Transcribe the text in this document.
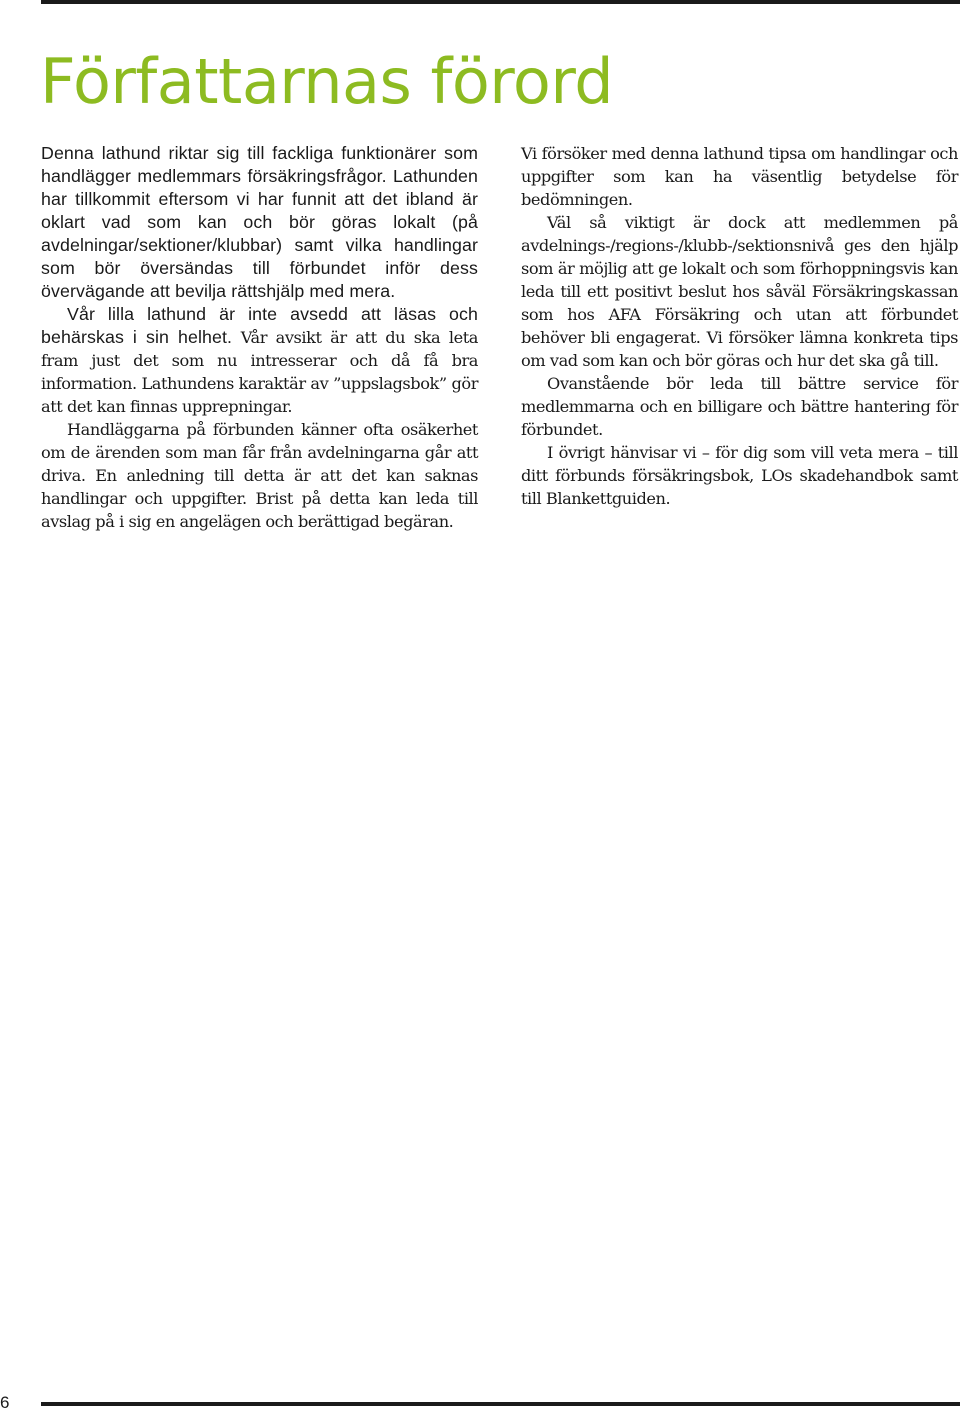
Författarnas förord

Denna lathund riktar sig till fackliga funktionärer som handlägger medlemmars försäkringsfrågor. Lathunden har tillkommit eftersom vi har funnit att det ibland är oklart vad som kan och bör göras lokalt (på avdelningar/sektioner/klubbar) samt vilka handlingar som bör översändas till förbundet inför dess övervägande att bevilja rättshjälp med mera.

Vår lilla lathund är inte avsedd att läsas och behärskas i sin helhet. Vår avsikt är att du ska leta fram just det som nu intresserar och då få bra information. Lathundens karaktär av ”uppslagsbok” gör att det kan finnas upprepningar.

Handläggarna på förbunden känner ofta osäkerhet om de ärenden som man får från avdelningarna går att driva. En anledning till detta är att det kan saknas handlingar och uppgifter. Brist på detta kan leda till avslag på i sig en angelägen och berättigad begäran.

Vi försöker med denna lathund tipsa om handlingar och uppgifter som kan ha väsentlig betydelse för bedömningen.

Väl så viktigt är dock att medlemmen på avdelnings-/regions-/klubb-/sektionsnivå ges den hjälp som är möjlig att ge lokalt och som förhoppningsvis kan leda till ett positivt beslut hos såväl Försäkringskassan som hos AFA Försäkring och utan att förbundet behöver bli engagerat. Vi försöker lämna konkreta tips om vad som kan och bör göras och hur det ska gå till.

Ovanstående bör leda till bättre service för medlemmarna och en billigare och bättre hantering för förbundet.

I övrigt hänvisar vi – för dig som vill veta mera – till ditt förbunds försäkringsbok, LOs skadehandbok samt till Blankettguiden.

6
